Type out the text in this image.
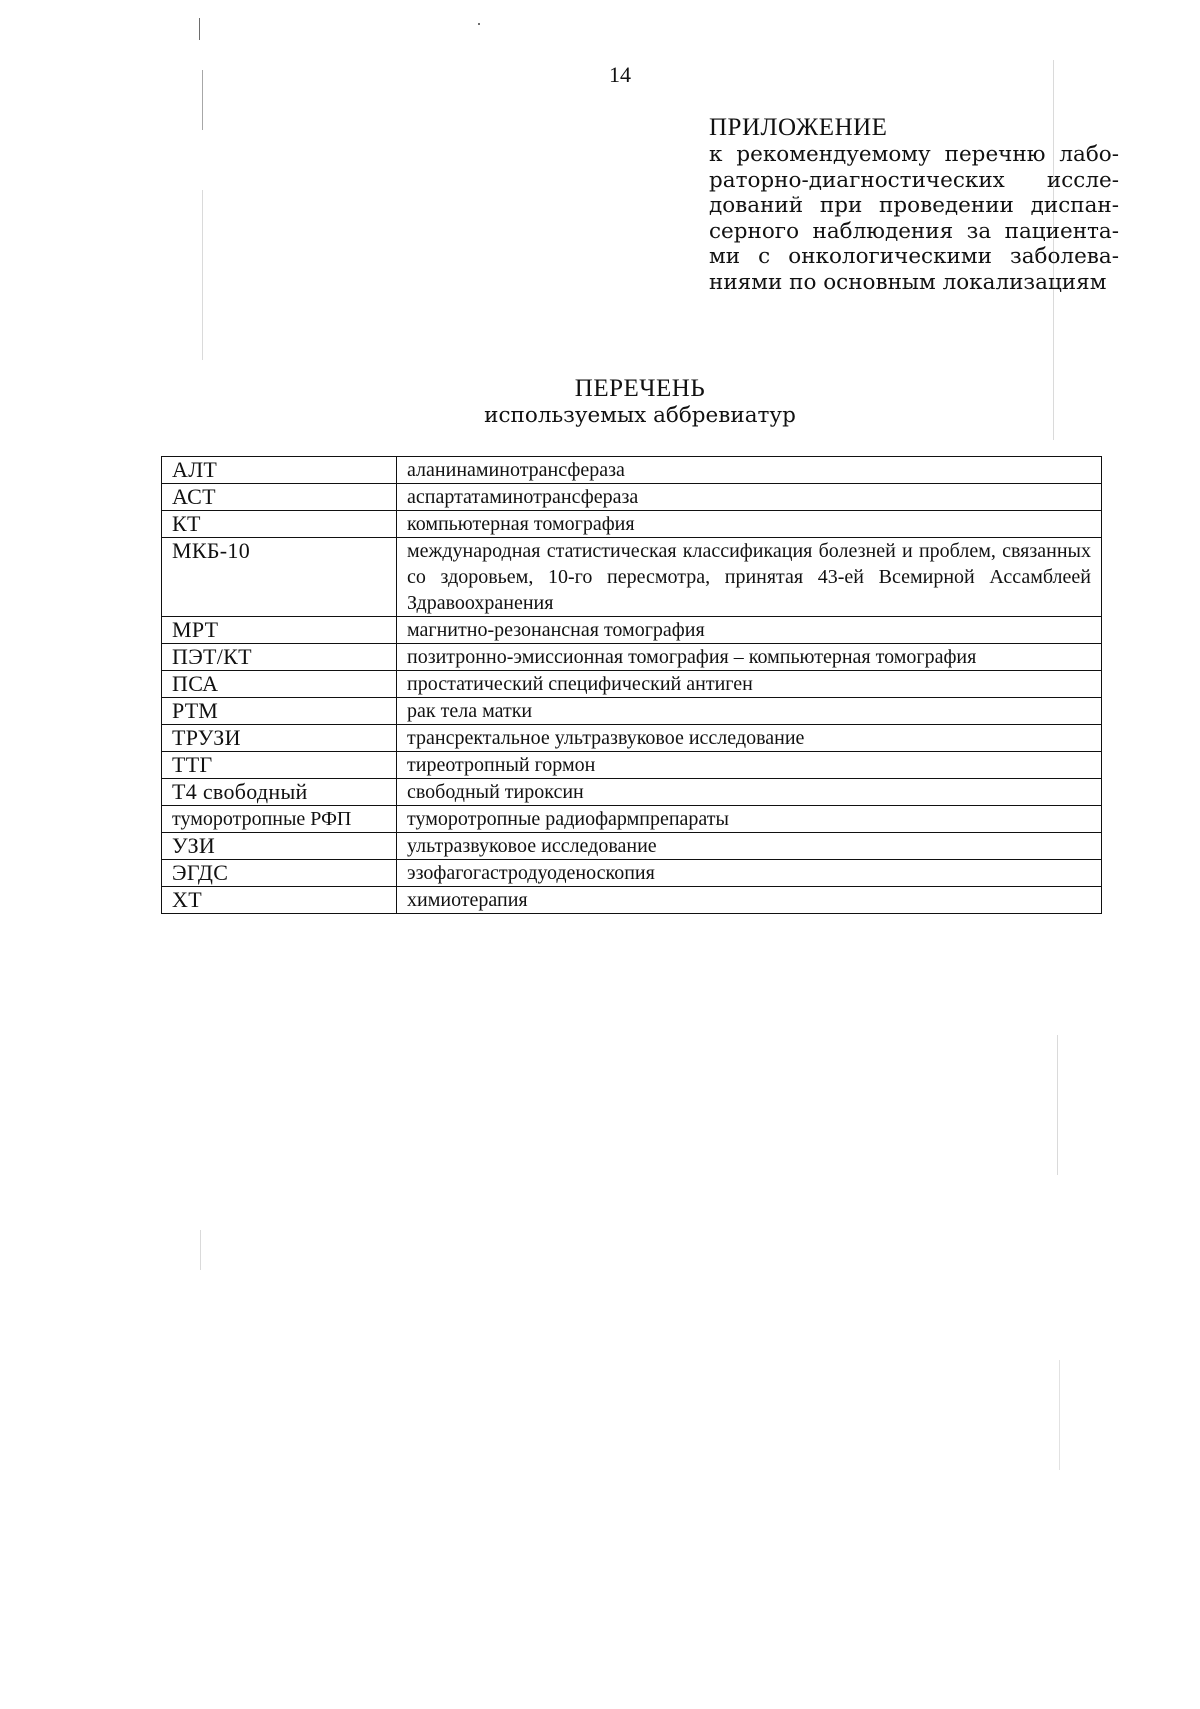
14
ПРИЛОЖЕНИЕ
к рекомендуемому перечню лабораторно-диагностических исследований при проведении диспансерного наблюдения за пациентами с онкологическими заболеваниями по основным локализациям
ПЕРЕЧЕНЬ
используемых аббревиатур
АЛТ	аланинаминотрансфераза
АСТ	аспартатаминотрансфераза
КТ	компьютерная томография
МКБ-10	международная статистическая классификация болезней и проблем, связанных со здоровьем, 10-го пересмотра, принятая 43-ей Всемирной Ассамблеей Здравоохранения
МРТ	магнитно-резонансная томография
ПЭТ/КТ	позитронно-эмиссионная томография – компьютерная томография
ПСА	простатический специфический антиген
РТМ	рак тела матки
ТРУЗИ	трансректальное ультразвуковое исследование
ТТГ	тиреотропный гормон
Т4 свободный	свободный тироксин
туморотропные РФП	туморотропные радиофармпрепараты
УЗИ	ультразвуковое исследование
ЭГДС	эзофагогастродуоденоскопия
ХТ	химиотерапия
